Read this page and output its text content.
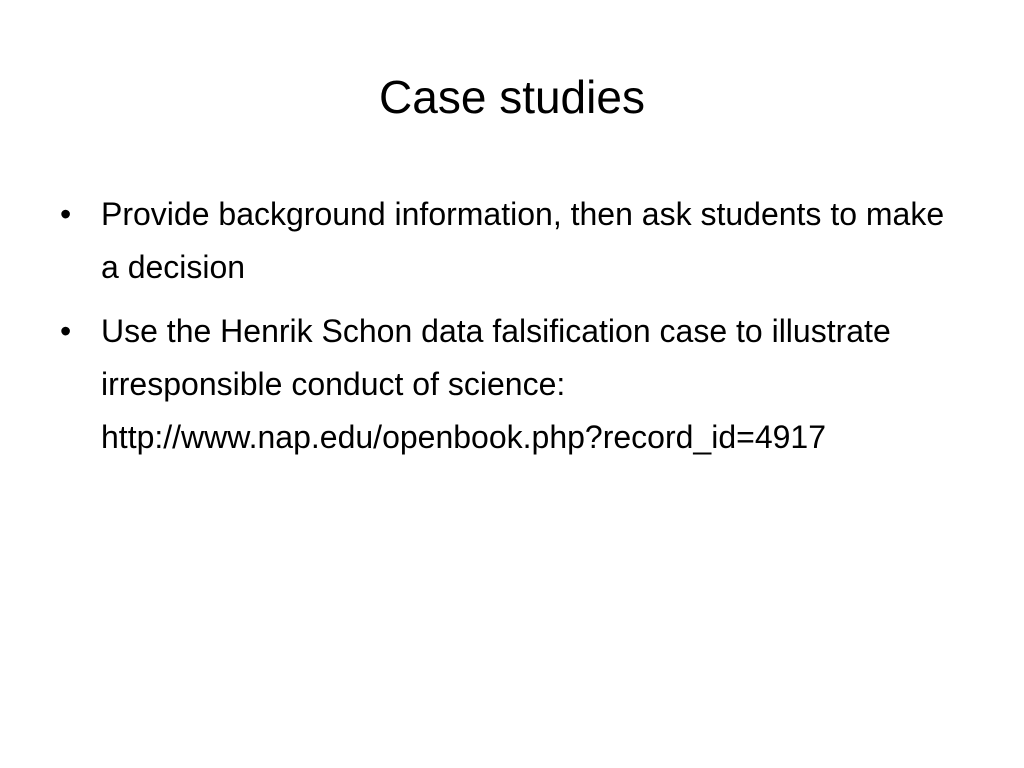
Case studies
• Provide background information, then ask students to make a decision
• Use the Henrik Schon data falsification case to illustrate irresponsible conduct of science: http://www.nap.edu/openbook.php?record_id=4917
